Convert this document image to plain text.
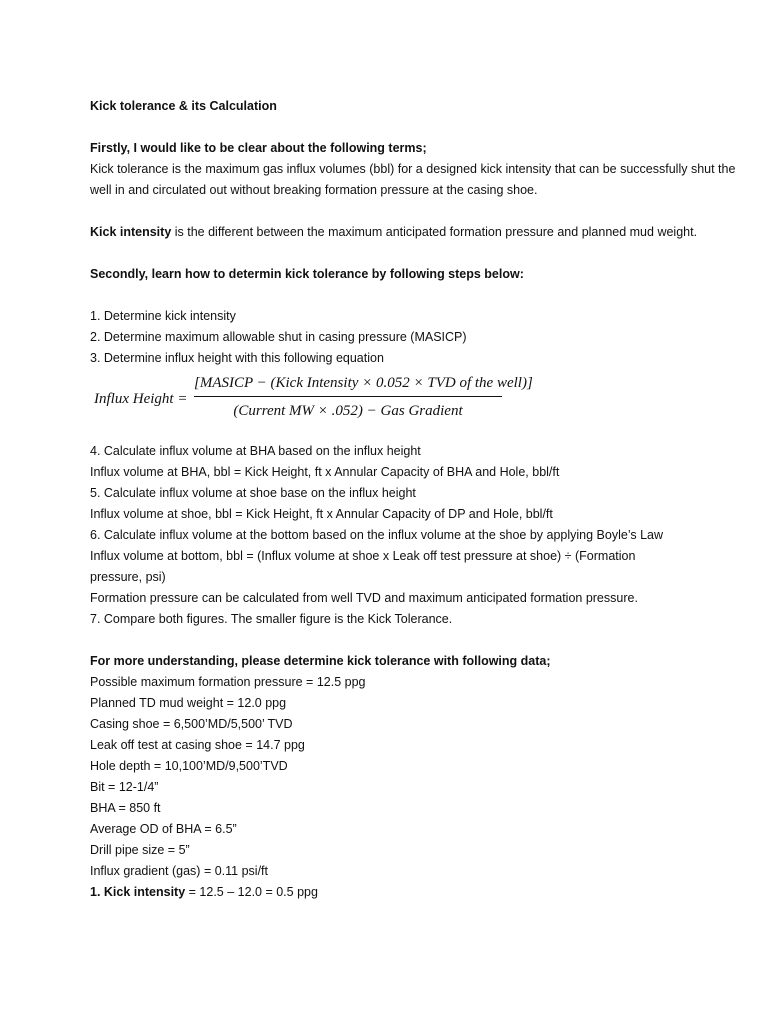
Kick tolerance & its Calculation
Firstly, I would like to be clear about the following terms;
Kick tolerance is the maximum gas influx volumes (bbl) for a designed kick intensity that can be successfully shut the well in and circulated out without breaking formation pressure at the casing shoe.
Kick intensity is the different between the maximum anticipated formation pressure and planned mud weight.
Secondly, learn how to determin kick tolerance by following steps below:
1. Determine kick intensity
2. Determine maximum allowable shut in casing pressure (MASICP)
3. Determine influx height with this following equation
Influx Height =
[MASICP − (Kick Intensity × 0.052 × TVD of the well)]
(Current MW × .052) − Gas Gradient
4. Calculate influx volume at BHA based on the influx height
Influx volume at BHA, bbl = Kick Height, ft x Annular Capacity of BHA and Hole, bbl/ft
5. Calculate influx volume at shoe base on the influx height
Influx volume at shoe, bbl = Kick Height, ft x Annular Capacity of DP and Hole, bbl/ft
6. Calculate influx volume at the bottom based on the influx volume at the shoe by applying Boyle’s Law
Influx volume at bottom, bbl = (Influx volume at shoe x Leak off test pressure at shoe) ÷ (Formation
pressure, psi)
Formation pressure can be calculated from well TVD and maximum anticipated formation pressure.
7. Compare both figures. The smaller figure is the Kick Tolerance.
For more understanding, please determine kick tolerance with following data;
Possible maximum formation pressure = 12.5 ppg
Planned TD mud weight = 12.0 ppg
Casing shoe = 6,500’MD/5,500’ TVD
Leak off test at casing shoe = 14.7 ppg
Hole depth = 10,100’MD/9,500’TVD
Bit = 12-1/4”
BHA = 850 ft
Average OD of BHA = 6.5”
Drill pipe size = 5”
Influx gradient (gas) = 0.11 psi/ft
1. Kick intensity = 12.5 – 12.0 = 0.5 ppg
